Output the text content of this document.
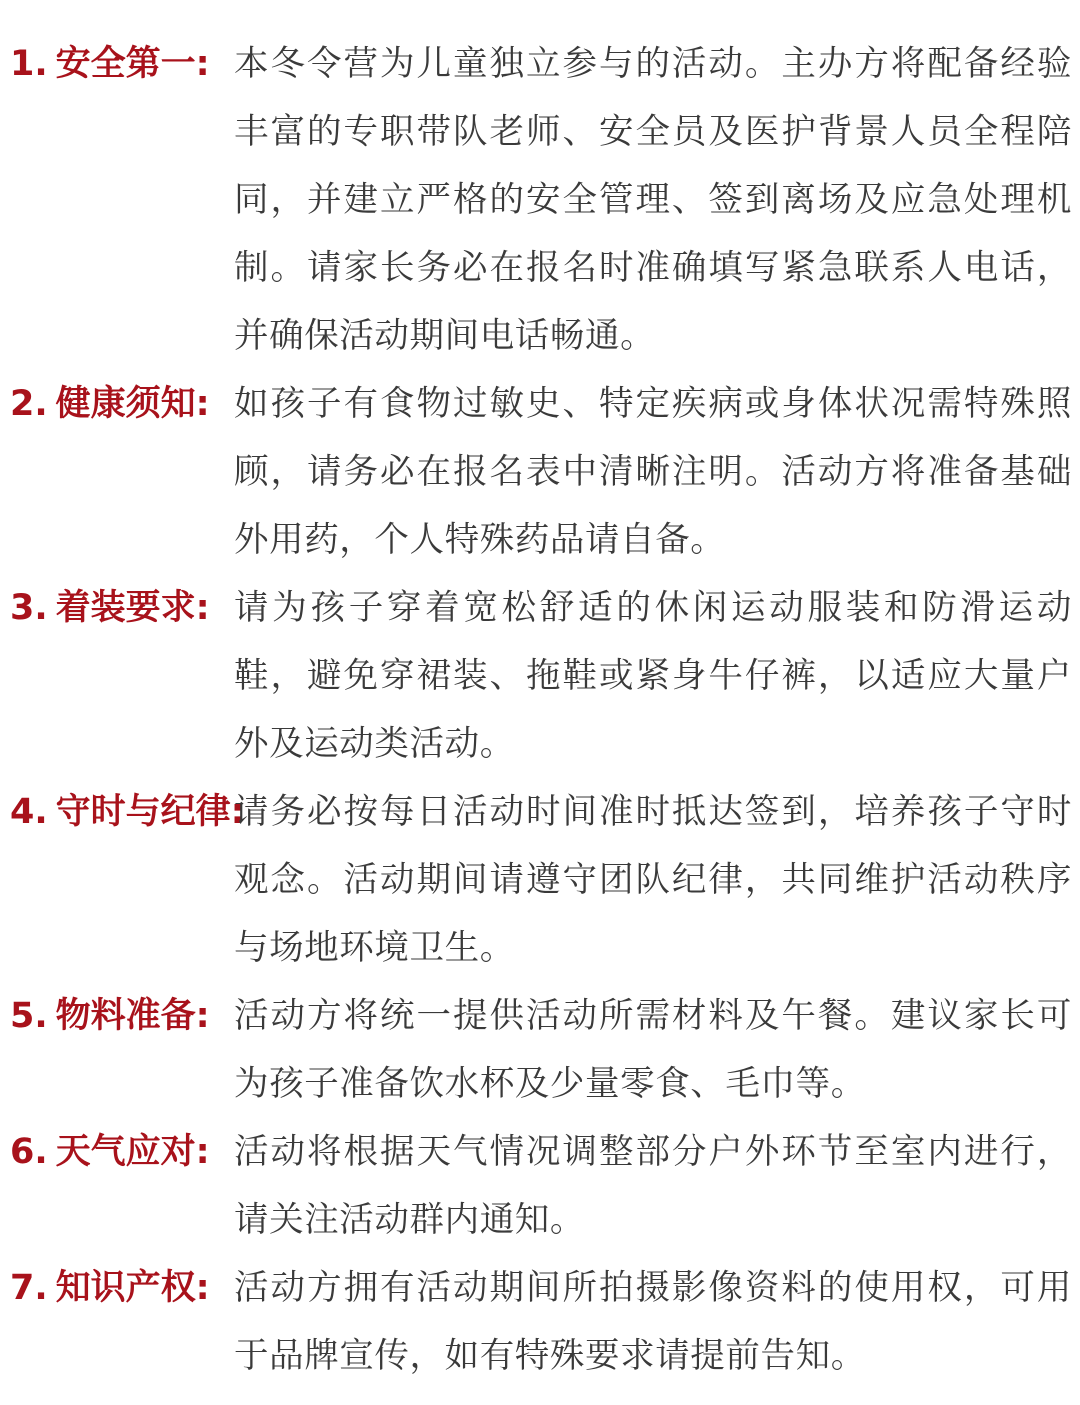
1. 安全第一: 本冬令营为儿童独立参与的活动。主办方将配备经验丰富的专职带队老师、安全员及医护背景人员全程陪同，并建立严格的安全管理、签到离场及应急处理机制。请家长务必在报名时准确填写紧急联系人电话，并确保活动期间电话畅通。
2. 健康须知: 如孩子有食物过敏史、特定疾病或身体状况需特殊照顾，请务必在报名表中清晰注明。活动方将准备基础外用药，个人特殊药品请自备。
3. 着装要求: 请为孩子穿着宽松舒适的休闲运动服装和防滑运动鞋，避免穿裙装、拖鞋或紧身牛仔裤，以适应大量户外及运动类活动。
4. 守时与纪律:
请务必按每日活动时间准时抵达签到，培养孩子守时观念。活动期间请遵守团队纪律，共同维护活动秩序与场地环境卫生。
5. 物料准备: 活动方将统一提供活动所需材料及午餐。建议家长可为孩子准备饮水杯及少量零食、毛巾等。
6. 天气应对: 活动将根据天气情况调整部分户外环节至室内进行，请关注活动群内通知。
7. 知识产权: 活动方拥有活动期间所拍摄影像资料的使用权，可用于品牌宣传，如有特殊要求请提前告知。
